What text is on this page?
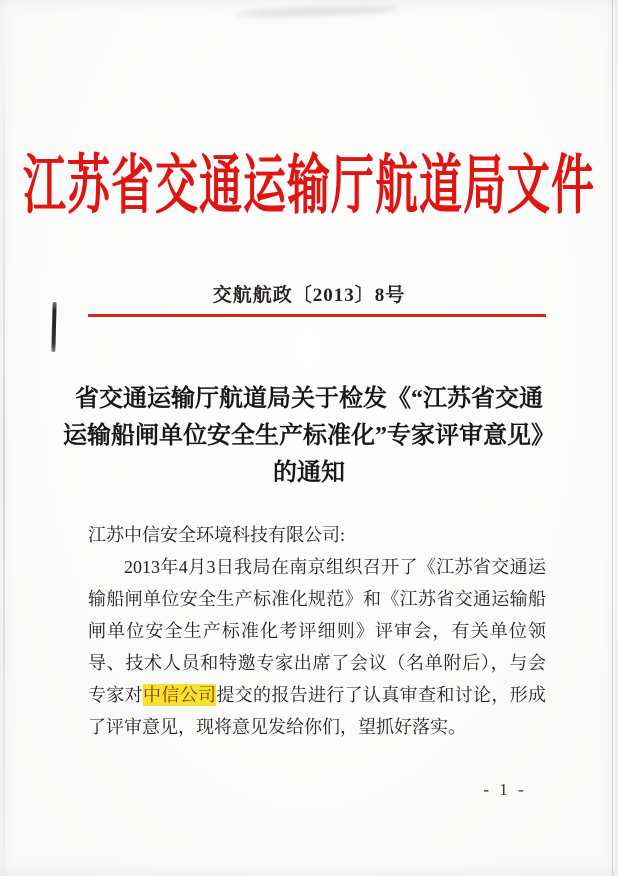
江苏省交通运输厅航道局文件
交航航政〔2013〕8号
省交通运输厅航道局关于检发《“江苏省交通
运输船闸单位安全生产标准化”专家评审意见》
的通知

江苏中信安全环境科技有限公司:

2013年4月3日我局在南京组织召开了《江苏省交通运输船闸单位安全生产标准化规范》和《江苏省交通运输船闸单位安全生产标准化考评细则》评审会，有关单位领导、技术人员和特邀专家出席了会议（名单附后），与会专家对中信公司提交的报告进行了认真审查和讨论，形成了评审意见，现将意见发给你们，望抓好落实。

- 1 -
